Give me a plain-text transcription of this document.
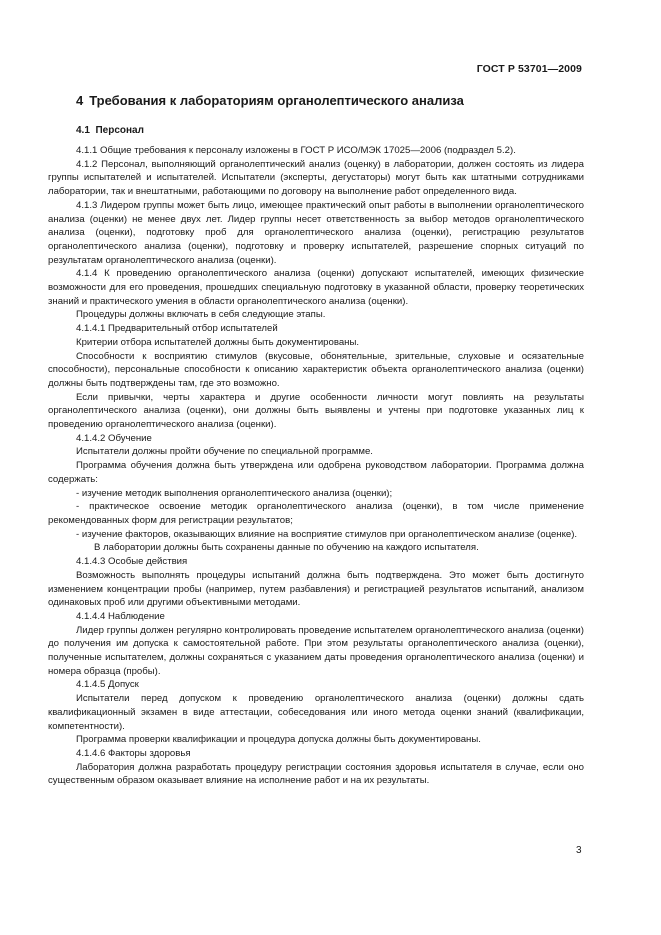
ГОСТ Р 53701—2009
4 Требования к лабораториям органолептического анализа

4.1 Персонал

4.1.1 Общие требования к персоналу изложены в ГОСТ Р ИСО/МЭК 17025—2006 (подраздел 5.2).

4.1.2 Персонал, выполняющий органолептический анализ (оценку) в лаборатории, должен состоять из лидера группы испытателей и испытателей. Испытатели (эксперты, дегустаторы) могут быть как штатными сотрудниками лаборатории, так и внештатными, работающими по договору на выполнение работ определенного вида.

4.1.3 Лидером группы может быть лицо, имеющее практический опыт работы в выполнении органолептического анализа (оценки) не менее двух лет. Лидер группы несет ответственность за выбор методов органолептического анализа (оценки), подготовку проб для органолептического анализа (оценки), регистрацию результатов органолептического анализа (оценки), подготовку и проверку испытателей, разрешение спорных ситуаций по результатам органолептического анализа (оценки).

4.1.4 К проведению органолептического анализа (оценки) допускают испытателей, имеющих физические возможности для его проведения, прошедших специальную подготовку в указанной области, проверку теоретических знаний и практического умения в области органолептического анализа (оценки).

Процедуры должны включать в себя следующие этапы.

4.1.4.1 Предварительный отбор испытателей

Критерии отбора испытателей должны быть документированы.

Способности к восприятию стимулов (вкусовые, обонятельные, зрительные, слуховые и осязательные способности), персональные способности к описанию характеристик объекта органолептического анализа (оценки) должны быть подтверждены там, где это возможно.

Если привычки, черты характера и другие особенности личности могут повлиять на результаты органолептического анализа (оценки), они должны быть выявлены и учтены при подготовке указанных лиц к проведению органолептического анализа (оценки).

4.1.4.2 Обучение

Испытатели должны пройти обучение по специальной программе.

Программа обучения должна быть утверждена или одобрена руководством лаборатории. Программа должна содержать:

- изучение методик выполнения органолептического анализа (оценки);

- практическое освоение методик органолептического анализа (оценки), в том числе применение рекомендованных форм для регистрации результатов;

- изучение факторов, оказывающих влияние на восприятие стимулов при органолептическом анализе (оценке).

В лаборатории должны быть сохранены данные по обучению на каждого испытателя.

4.1.4.3 Особые действия

Возможность выполнять процедуры испытаний должна быть подтверждена. Это может быть достигнуто изменением концентрации пробы (например, путем разбавления) и регистрацией результатов испытаний, анализом одинаковых проб или другими объективными методами.

4.1.4.4 Наблюдение

Лидер группы должен регулярно контролировать проведение испытателем органолептического анализа (оценки) до получения им допуска к самостоятельной работе. При этом результаты органолептического анализа (оценки), полученные испытателем, должны сохраняться с указанием даты проведения органолептического анализа (оценки) и номера образца (пробы).

4.1.4.5 Допуск

Испытатели перед допуском к проведению органолептического анализа (оценки) должны сдать квалификационный экзамен в виде аттестации, собеседования или иного метода оценки знаний (квалификации, компетентности).

Программа проверки квалификации и процедура допуска должны быть документированы.

4.1.4.6 Факторы здоровья

Лаборатория должна разработать процедуру регистрации состояния здоровья испытателя в случае, если оно существенным образом оказывает влияние на исполнение работ и на их результаты.

3
